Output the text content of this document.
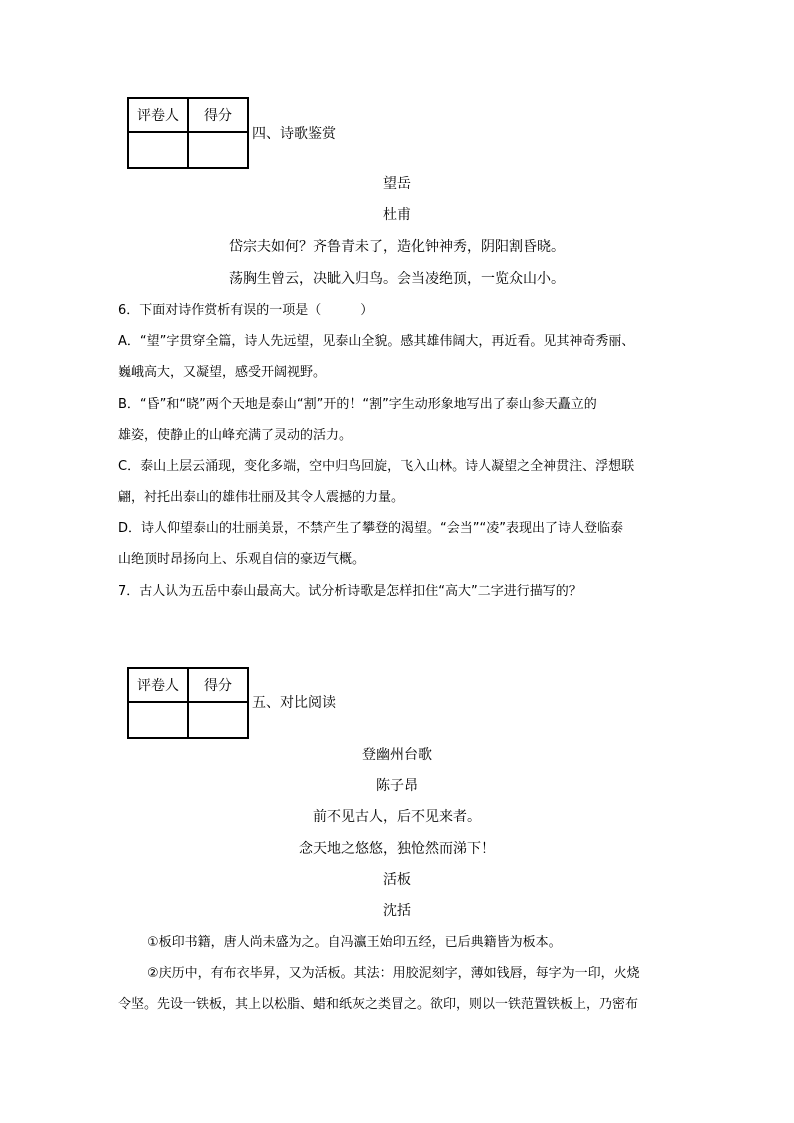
评卷人	得分

四、诗歌鉴赏
望岳
杜甫
岱宗夫如何？齐鲁青未了，造化钟神秀，阴阳割昏晓。
荡胸生曾云，决眦入归鸟。会当凌绝顶，一览众山小。
6．下面对诗作赏析有误的一项是（　　　）
A．“望”字贯穿全篇，诗人先远望，见泰山全貌。感其雄伟阔大，再近看。见其神奇秀丽、
巍峨高大，又凝望，感受开阔视野。
B．“昏”和“晓”两个天地是泰山“割”开的！“割”字生动形象地写出了泰山参天矗立的
雄姿，使静止的山峰充满了灵动的活力。
C．泰山上层云涌现，变化多端，空中归鸟回旋，飞入山林。诗人凝望之全神贯注、浮想联
翩，衬托出泰山的雄伟壮丽及其令人震撼的力量。
D．诗人仰望泰山的壮丽美景，不禁产生了攀登的渴望。“会当”“凌”表现出了诗人登临泰
山绝顶时昂扬向上、乐观自信的豪迈气概。
7．古人认为五岳中泰山最高大。试分析诗歌是怎样扣住“高大”二字进行描写的？
评卷人	得分

五、对比阅读
登幽州台歌
陈子昂
前不见古人，后不见来者。
念天地之悠悠，独怆然而涕下！
活板
沈括
①板印书籍，唐人尚未盛为之。自冯瀛王始印五经，已后典籍皆为板本。
②庆历中，有布衣毕昇，又为活板。其法：用胶泥刻字，薄如钱唇，每字为一印，火烧
令坚。先设一铁板，其上以松脂、蜡和纸灰之类冒之。欲印，则以一铁范置铁板上，乃密布
